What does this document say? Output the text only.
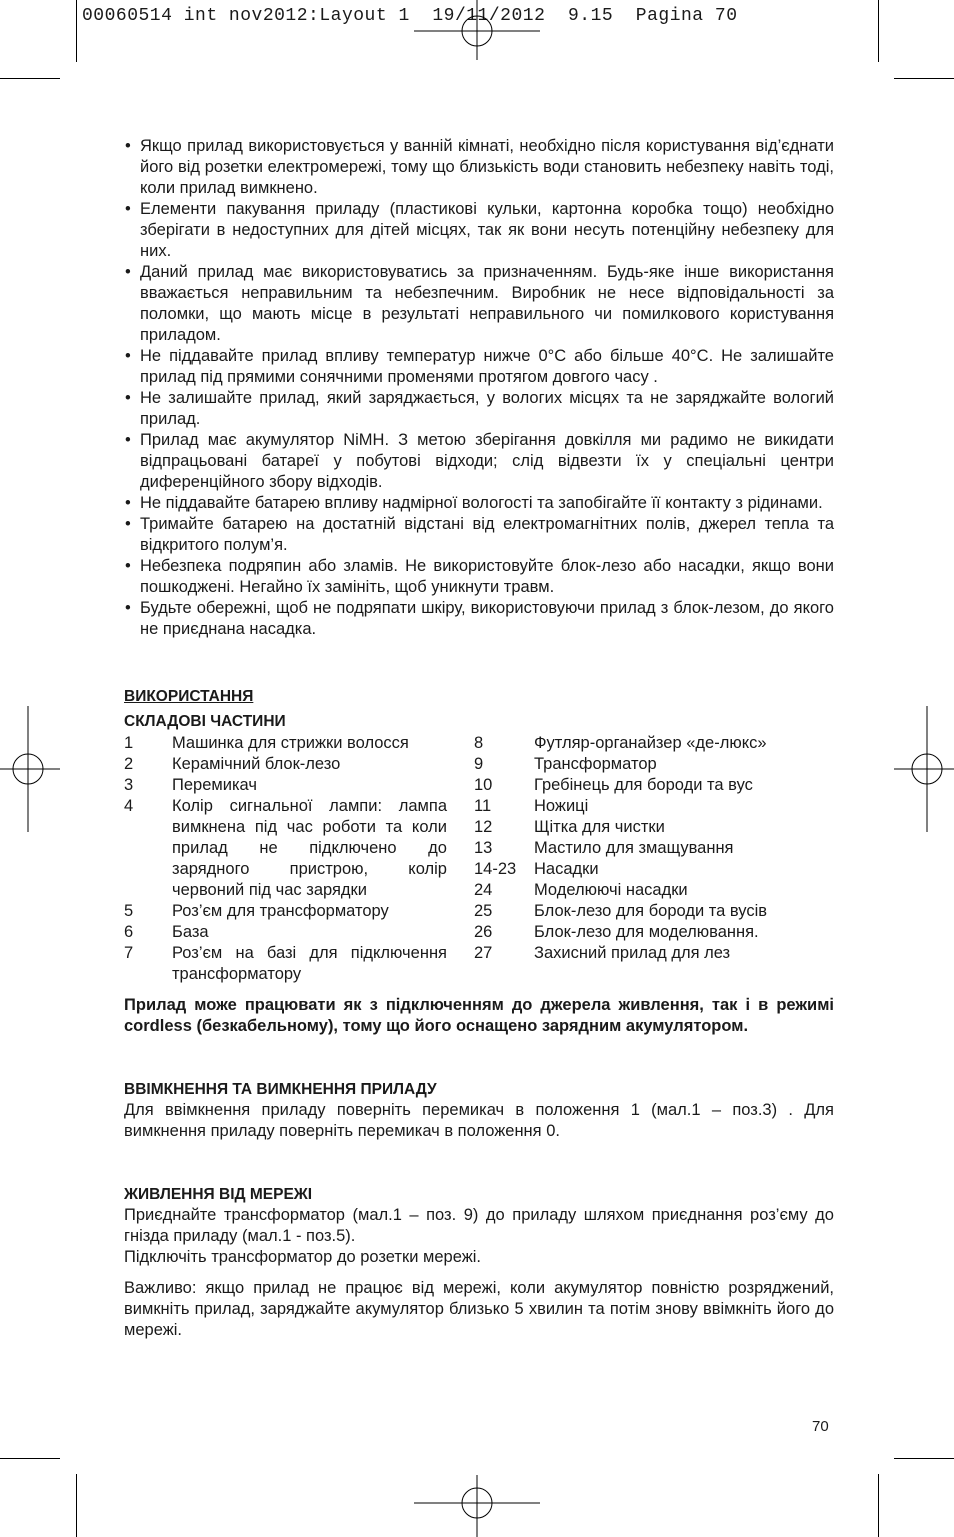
00060514 int nov2012:Layout 1  19/11/2012  9.15  Pagina 70
• Якщо прилад використовується у ванній кімнаті, необхідно після користування від’єднати його від розетки електромережі, тому що близькість води становить небезпеку навіть тоді, коли прилад вимкнено.
• Елементи пакування приладу (пластикові кульки, картонна коробка тощо) необхідно зберігати в недоступних для дітей місцях, так як вони несуть потенційну небезпеку для них.
• Даний прилад має використовуватись за призначенням. Будь-яке інше використання вважається неправильним та небезпечним. Виробник не несе відповідальності за поломки, що мають місце в результаті неправильного чи помилкового користування приладом.
• Не піддавайте прилад впливу температур нижче 0°C або більше 40°C. Не залишайте прилад під прямими сонячними променями протягом довгого часу .
• Не залишайте прилад, який заряджається, у вологих місцях та не заряджайте вологий прилад.
• Прилад має акумулятор NiMH. З метою зберігання довкілля ми радимо не викидати відпрацьовані батареї у побутові відходи; слід відвезти їх у спеціальні центри диференційного збору відходів.
• Не піддавайте батарею впливу надмірної вологості та запобігайте її контакту з рідинами.
• Тримайте батарею на достатній відстані від електромагнітних полів, джерел тепла та відкритого полум’я.
• Небезпека подряпин або зламів. Не використовуйте блок-лезо або насадки, якщо вони пошкоджені. Негайно їх замініть, щоб уникнути травм.
• Будьте обережні, щоб не подряпати шкіру, використовуючи прилад з блок-лезом, до якого не приєднана насадка.

ВИКОРИСТАННЯ

СКЛАДОВІ ЧАСТИНИ

1	Машинка для стрижки волосся
2	Керамічний блок-лезо
3	Перемикач
4	Колір сигнальної лампи: лампа вимкнена під час роботи та коли прилад не підключено до зарядного пристрою, колір червоний під час зарядки
5	Роз’єм для трансформатору
6	База
7	Роз’єм на базі для підключення трансформатору
8	Футляр-органайзер «де-люкс»
9	Трансформатор
10	Гребінець для бороди та вус
11	Ножиці
12	Щітка для чистки
13	Мастило для змащування
14-23	Насадки
24	Моделюючі насадки
25	Блок-лезо для бороди та вусів
26	Блок-лезо для моделювання.
27	Захисний прилад для лез

Прилад може працювати як з підключенням до джерела живлення, так і в режимі cordless (безкабельному), тому що його оснащено зарядним акумулятором.

ВВІМКНЕННЯ ТА ВИМКНЕННЯ ПРИЛАДУ

Для ввімкнення приладу поверніть перемикач в положення 1 (мал.1 – поз.3) . Для вимкнення приладу поверніть перемикач в положення 0.

ЖИВЛЕННЯ ВІД МЕРЕЖІ

Приєднайте трансформатор (мал.1 – поз. 9) до приладу шляхом приєднання роз’єму до гнізда приладу (мал.1 - поз.5).

Підключіть трансформатор до розетки мережі.

Важливо: якщо прилад не працює від мережі, коли акумулятор повністю розряджений, вимкніть прилад, заряджайте акумулятор близько 5 хвилин та потім знову ввімкніть його до мережі.

70
